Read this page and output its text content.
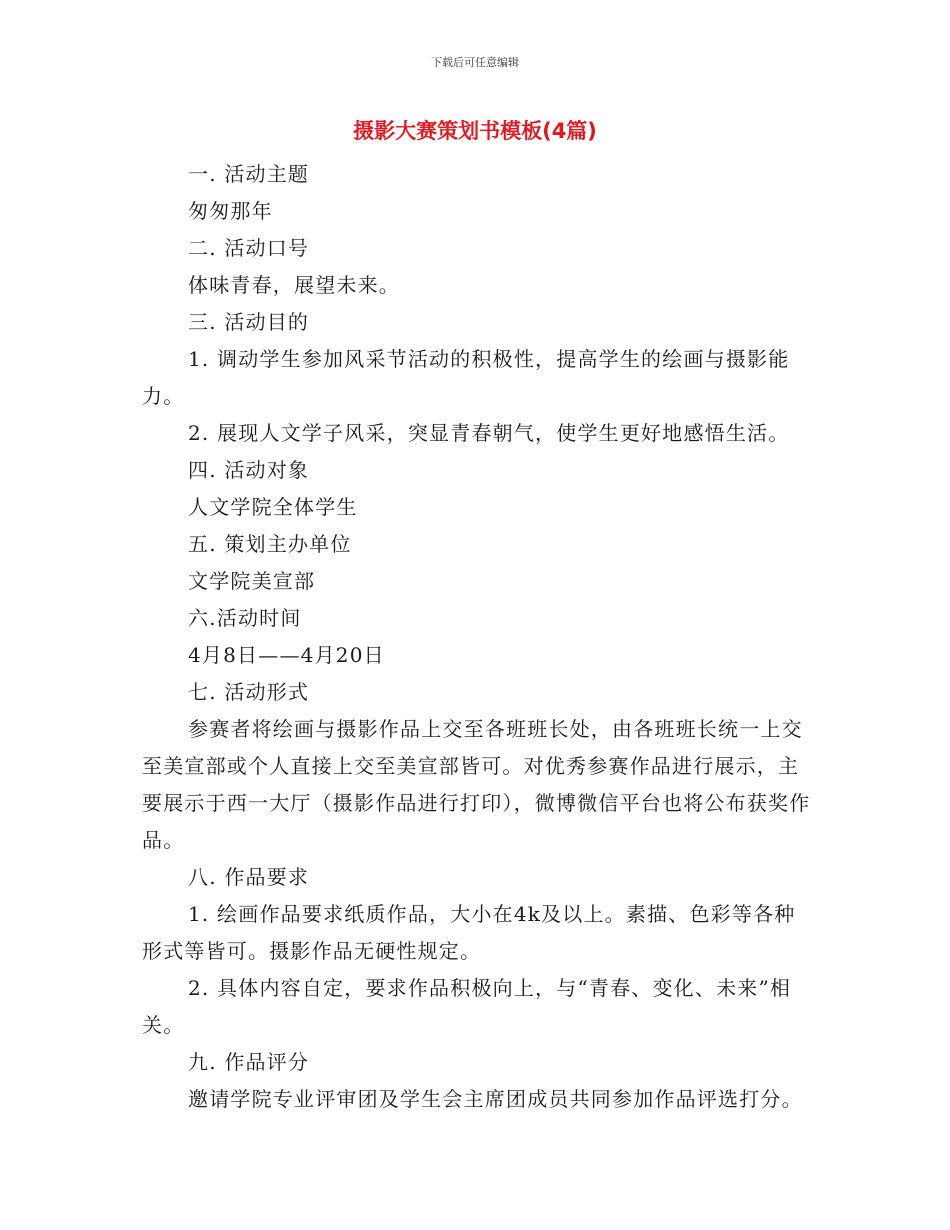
下载后可任意编辑
摄影大赛策划书模板(4篇)

一. 活动主题

匆匆那年

二. 活动口号

体味青春，展望未来。

三. 活动目的

1. 调动学生参加风采节活动的积极性，提高学生的绘画与摄影能力。

2. 展现人文学子风采，突显青春朝气，使学生更好地感悟生活。

四. 活动对象

人文学院全体学生

五. 策划主办单位

文学院美宣部

六.活动时间

4月8日——4月20日

七. 活动形式

参赛者将绘画与摄影作品上交至各班班长处，由各班班长统一上交至美宣部或个人直接上交至美宣部皆可。对优秀参赛作品进行展示，主要展示于西一大厅（摄影作品进行打印），微博微信平台也将公布获奖作品。

八. 作品要求

1. 绘画作品要求纸质作品，大小在4k及以上。素描、色彩等各种形式等皆可。摄影作品无硬性规定。

2. 具体内容自定，要求作品积极向上，与“青春、变化、未来”相关。

九. 作品评分

邀请学院专业评审团及学生会主席团成员共同参加作品评选打分。
